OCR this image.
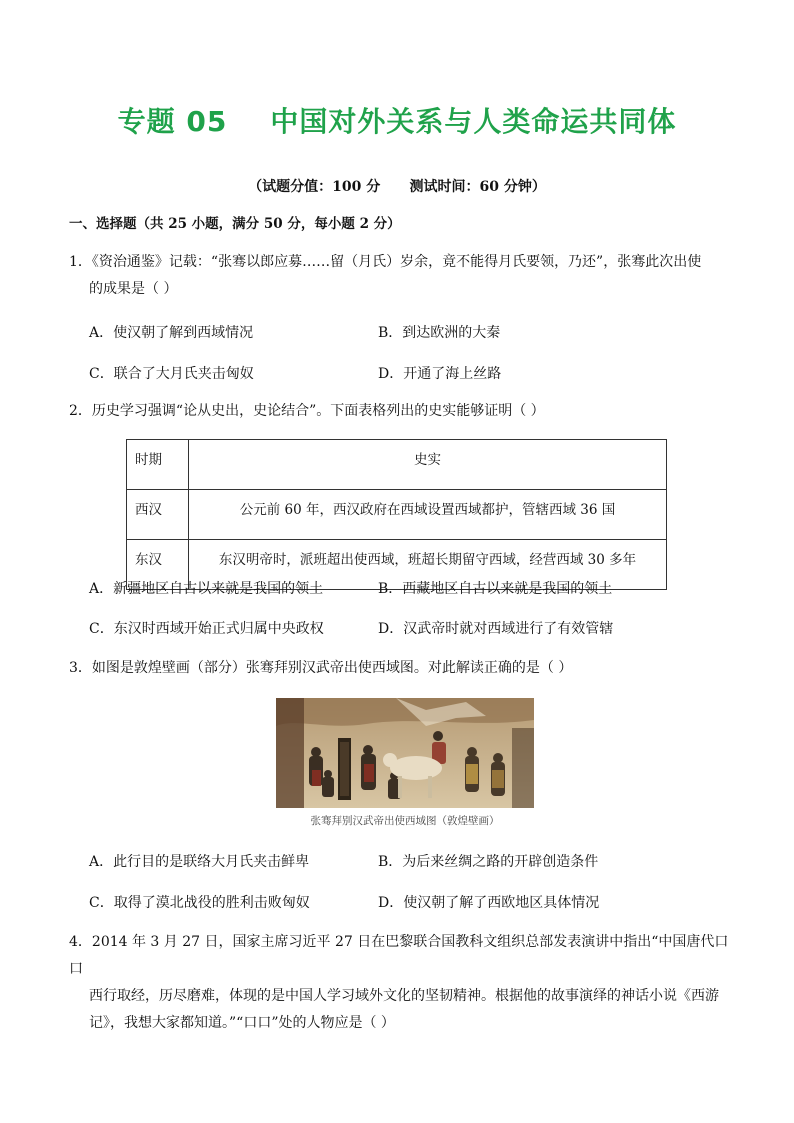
专题 05    中国对外关系与人类命运共同体
（试题分值：100 分      测试时间：60 分钟）
一、选择题（共 25 小题，满分 50 分，每小题 2 分）
1．《资治通鉴》记载：“张骞以郎应募……留（月氏）岁余，竟不能得月氏要领，乃还”，张骞此次出使
的成果是（ ）
A．使汉朝了解到西域情况	B．到达欧洲的大秦
C．联合了大月氏夹击匈奴	D．开通了海上丝路
2．历史学习强调“论从史出，史论结合”。下面表格列出的史实能够证明（ ）
时期	史实
西汉	公元前 60 年，西汉政府在西域设置西域都护，管辖西域 36 国
东汉	东汉明帝时，派班超出使西域，班超长期留守西域，经营西域 30 多年
A．新疆地区自古以来就是我国的领土	B．西藏地区自古以来就是我国的领土
C．东汉时西域开始正式归属中央政权	D．汉武帝时就对西域进行了有效管辖
3．如图是敦煌壁画（部分）张骞拜别汉武帝出使西域图。对此解读正确的是（ ）
张骞拜别汉武帝出使西域图（敦煌壁画）
A．此行目的是联络大月氏夹击鲜卑	B．为后来丝绸之路的开辟创造条件
C．取得了漠北战役的胜利击败匈奴	D．使汉朝了解了西欧地区具体情况
4．2014 年 3 月 27 日，国家主席习近平 27 日在巴黎联合国教科文组织总部发表演讲中指出“中国唐代口口
西行取经，历尽磨难，体现的是中国人学习域外文化的坚韧精神。根据他的故事演绎的神话小说《西游
记》，我想大家都知道。”“口口”处的人物应是（ ）
